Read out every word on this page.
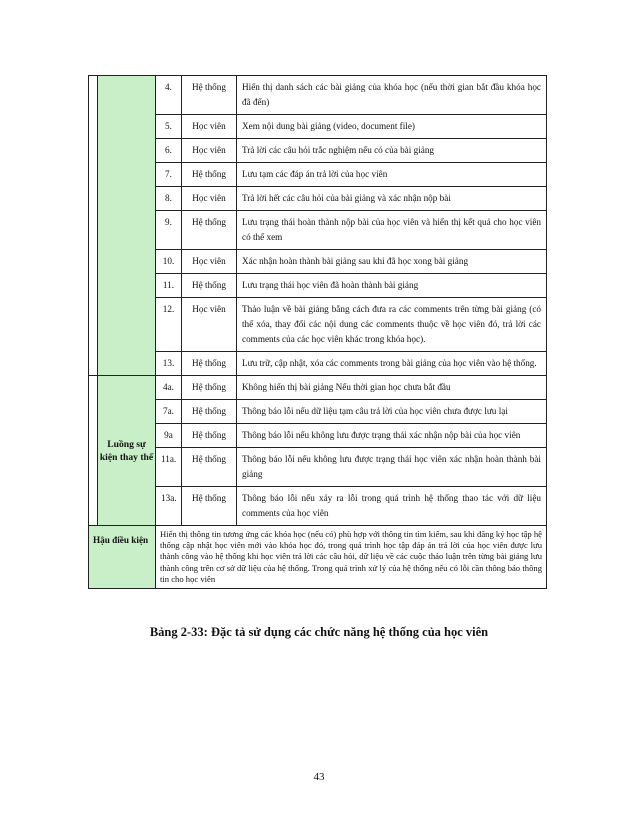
		4.	Hệ thống	Hiển thị danh sách các bài giảng của khóa học (nếu thời gian bắt đầu khóa học đã đến)
		5.	Học viên	Xem nội dung bài giảng (video, document file)
		6.	Học viên	Trả lời các câu hỏi trắc nghiệm nếu có của bài giảng
		7.	Hệ thống	Lưu tạm các đáp án trả lời của học viên
		8.	Học viên	Trả lời hết các câu hỏi của bài giảng và xác nhận nộp bài
		9.	Hệ thống	Lưu trạng thái hoàn thành nộp bài của học viên và hiển thị kết quả cho học viên có thể xem
		10.	Học viên	Xác nhận hoàn thành bài giảng sau khi đã học xong bài giảng
		11.	Hệ thống	Lưu trạng thái học viên đã hoàn thành bài giảng
		12.	Học viên	Thảo luận về bài giảng bằng cách đưa ra các comments trên từng bài giảng (có thể xóa, thay đổi các nội dung các comments thuộc về học viên đó, trả lời các comments của các học viên khác trong khóa học).
		13.	Hệ thống	Lưu trữ, cập nhật, xóa các comments trong bài giảng của học viên vào hệ thống.

	Luồng sự kiện thay thế	4a.	Hệ thống	Không hiển thị bài giảng Nếu thời gian học chưa bắt đầu
		7a.	Hệ thống	Thông báo lỗi nếu dữ liệu tạm câu trả lời của học viên chưa được lưu lại
		9a	Hệ thống	Thông báo lỗi nếu không lưu được trạng thái xác nhận nộp bài của học viên
		11a.	Hệ thống	Thông báo lỗi nếu không lưu được trạng thái học viên xác nhận hoàn thành bài giảng
		13a.	Hệ thống	Thông báo lỗi nếu xảy ra lỗi trong quá trình hệ thống thao tác với dữ liệu comments của học viên
Hậu điều kiện		Hiển thị thông tin tương ứng các khóa học (nếu có) phù hợp với thông tin tìm kiếm, sau khi đăng ký học tập hệ thống cập nhật học viên mới vào khóa học đó, trong quá trình học tập đáp án trả lời của học viên được lưu thành công vào hệ thống khi học viên trả lời các câu hỏi, dữ liệu về các cuộc thảo luận trên từng bài giảng lưu thành công trên cơ sở dữ liệu của hệ thống. Trong quá trình xử lý của hệ thống nếu có lỗi cần thông báo thông tin cho học viên		
Bảng 2-33: Đặc tả sử dụng các chức năng hệ thống của học viên
43
